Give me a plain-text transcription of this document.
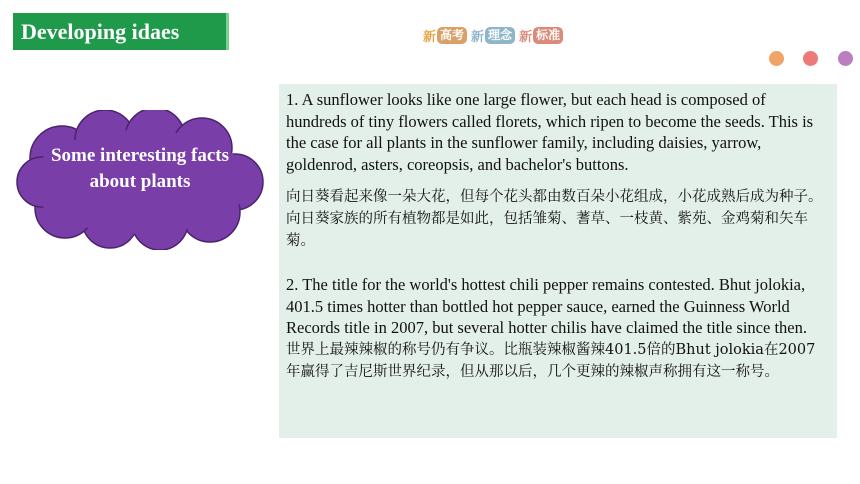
Developing idaes	新 高考 新 理念 新 标准
Some interesting facts about plants

1. A sunflower looks like one large flower, but each head is composed of hundreds of tiny flowers called florets, which ripen to become the seeds. This is the case for all plants in the sunflower family, including daisies, yarrow, goldenrod, asters, coreopsis, and bachelor's buttons.

向日葵看起来像一朵大花，但每个花头都由数百朵小花组成，小花成熟后成为种子。向日葵家族的所有植物都是如此，包括雏菊、蓍草、一枝黄、紫苑、金鸡菊和矢车菊。

2. The title for the world's hottest chili pepper remains contested. Bhut jolokia, 401.5 times hotter than bottled hot pepper sauce, earned the Guinness World Records title in 2007, but several hotter chilis have claimed the title since then.

世界上最辣辣椒的称号仍有争议。比瓶装辣椒酱辣401.5倍的Bhut jolokia在2007年赢得了吉尼斯世界纪录，但从那以后，几个更辣的辣椒声称拥有这一称号。
